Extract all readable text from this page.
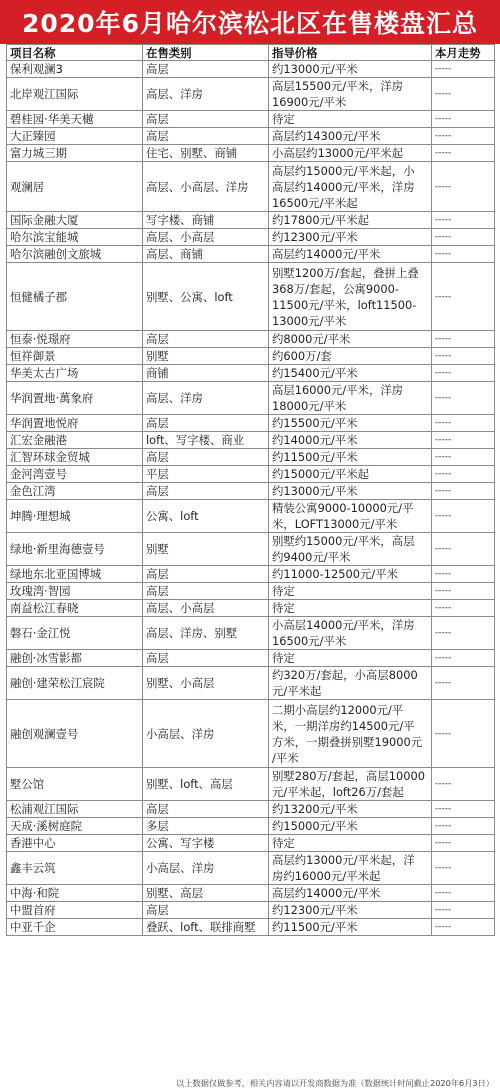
2020年6月哈尔滨松北区在售楼盘汇总
项目名称	在售类别	指导价格	本月走势
保利观澜3	高层	约13000元/平米	-----
北岸观江国际	高层、洋房	高层15500元/平米，洋房
16900元/平米	-----
碧桂园·华美天樾	高层	待定	-----
大正臻园	高层	高层约14300元/平米	-----
富力城三期	住宅、别墅、商铺	小高层约13000元/平米起	-----
观澜居	高层、小高层、洋房	高层约15000元/平米起，小
高层约14000元/平米，洋房
16500元/平米起	-----
国际金融大厦	写字楼、商铺	约17800元/平米起	-----
哈尔滨宝能城	高层、小高层	约12300元/平米	-----
哈尔滨融创文旅城	高层、商铺	高层约14000元/平米	-----
恒健橘子郡	别墅、公寓、loft	别墅1200万/套起，叠拼上叠
368万/套起，公寓9000-
11500元/平米，loft11500-
13000元/平米	-----
恒泰·悦璟府	高层	约8000元/平米	-----
恒祥御景	别墅	约600万/套	-----
华美太古广场	商铺	约15400元/平米	-----
华润置地·萬象府	高层、洋房	高层16000元/平米，洋房
18000元/平米	-----
华润置地悦府	高层	约15500元/平米	-----
汇宏金融港	loft、写字楼、商业	约14000元/平米	-----
汇智环球金贸城	高层	约11500元/平米	-----
金河湾壹号	平层	约15000元/平米起	-----
金色江湾	高层	约13000元/平米	-----
坤腾·理想城	公寓、loft	精装公寓9000-10000元/平
米，LOFT13000元/平米	-----
绿地·新里海德壹号	别墅	别墅约15000元/平米，高层
约9400元/平米	-----
绿地东北亚国博城	高层	约11000-12500元/平米	-----
玫瑰湾·智园	高层	待定	-----
南益松江春晓	高层、小高层	待定	-----
磐石·金江悦	高层、洋房、别墅	小高层14000元/平米，洋房
16500元/平米	-----
融创·冰雪影都	高层	待定	-----
融创·建荣松江宸院	别墅、小高层	约320万/套起，小高层8000
元/平米起	-----
融创观澜壹号	小高层、洋房	二期小高层约12000元/平
米，一期洋房约14500元/平
方米，一期叠拼别墅19000元
/平米	-----
墅公馆	别墅、loft、高层	别墅280万/套起，高层10000
元/平米起，loft26万/套起	-----
松浦观江国际	高层	约13200元/平米	-----
天成·溪树庭院	多层	约15000元/平米	-----
香港中心	公寓、写字楼	待定	-----
鑫丰云筑	小高层、洋房	高层约13000元/平米起，洋
房约16000元/平米起	-----
中海·和院	别墅、高层	高层约14000元/平米	-----
中盟首府	高层	约12300元/平米	-----
中亚千企	叠跃、loft、联排商墅	约11500元/平米	-----
以上数据仅做参考，相关内容请以开发商数据为准（数据统计时间截止2020年6月3日）
